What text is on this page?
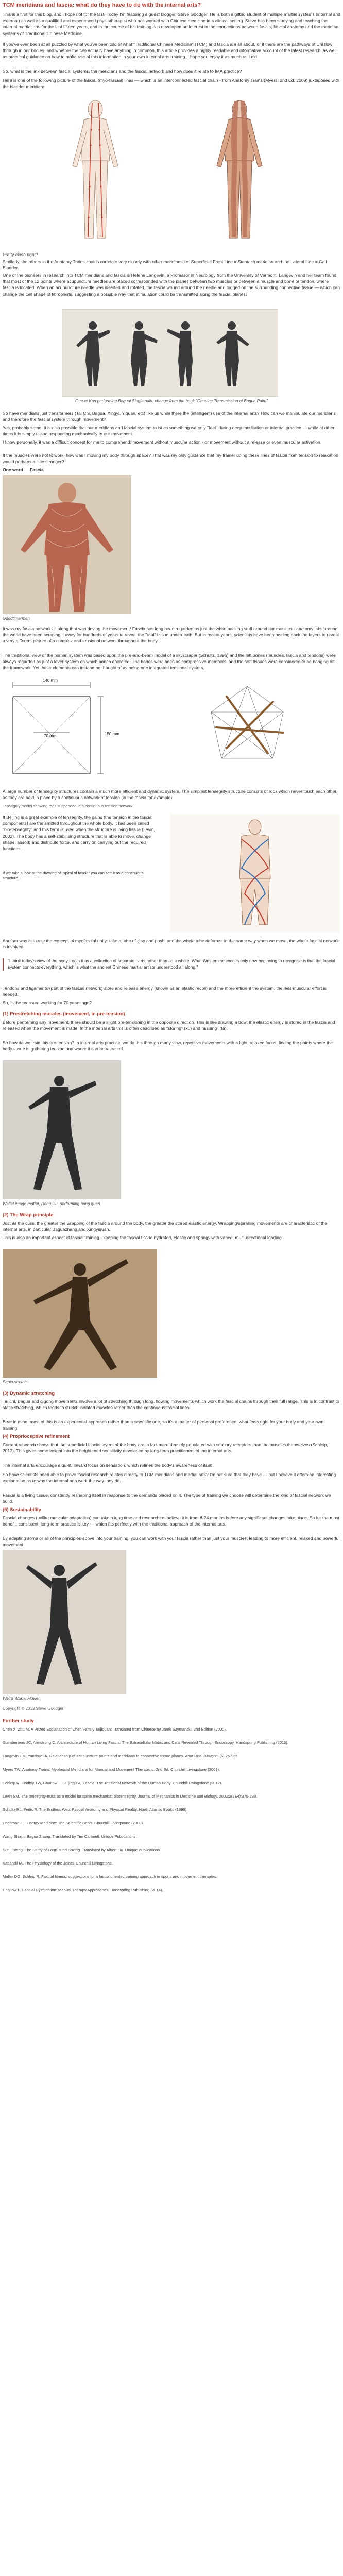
TCM meridians and fascia: what do they have to do with the internal arts?
This is a first for this blog, and I hope not for the last: Today I'm featuring a guest blogger, Steve Goodger. He is both a gifted student of multiple martial systems (internal and external) as well as a qualified and experienced physiotherapist who has worked with Chinese medicine in a clinical setting. Steve has been studying and teaching the internal martial arts for the last fifteen years, and in the course of his training has developed an interest in the connections between fascia, fascial anatomy and the meridian systems of Traditional Chinese Medicine.
If you've ever been at all puzzled by what you've been told of what "Traditional Chinese Medicine" (TCM) and fascia are all about, or if there are the pathways of Chi flow through in our bodies, and whether the two actually have anything in common, this article provides a highly readable and informative account of the latest research, as well as practical guidance on how to make use of this information in your own internal arts training. I hope you enjoy it as much as I did.
So, what is the link between fascial systems, the meridians and the fascial network and how does it relate to IMA practice?
Here is one of the following picture of the fascial (myo-fascial) lines — which is an interconnected fascial chain - from Anatomy Trains (Myers, 2nd Ed. 2009) juxtaposed with the bladder meridian:
Pretty close right?
Similarly, the others in the Anatomy Trains chains correlate very closely with other meridians i.e. Superficial Front Line = Stomach meridian and the Lateral Line = Gall Bladder.
One of the pioneers in research into TCM meridians and fascia is Helene Langevin, a Professor in Neurology from the University of Vermont. Langevin and her team found that most of the 12 points where acupuncture needles are placed corresponded with the planes between two muscles or between a muscle and bone or tendon, where fascia is located. When an acupuncture needle was inserted and rotated, the fascia wound around the needle and tugged on the surrounding connective tissue — which can change the cell shape of fibroblasts, suggesting a possible way that stimulation could be transmitted along the fascial planes.
Gua et Kan performing Baguai Single palm change from the book "Genuine Transmission of Bagua Palm"
So have meridians just transformers (Tai Chi, Bagua, Xingyi, Yiquan, etc) like us while there the (intelligent) use of the internal arts? How can we manipulate our meridians and therefore the fascial system through movement?
Yes, probably some. It is also possible that our meridians and fascial system exist as something we only "feel" during deep meditation or internal practice — while at other times it is simply tissue responding mechanically to our movement.
I know personally, it was a difficult concept for me to comprehend; movement without muscular action - or movement without a release or even muscular activation.
If the muscles were not to work, how was I moving my body through space? That was my only guidance that my trainer doing these lines of fascia from tension to relaxation would perhaps a little stronger?
One word — Fascia
Goodtimerman
It was my fascia network all along that was driving the movement! Fascia has long been regarded as just the white packing stuff around our muscles - anatomy labs around the world have been scraping it away for hundreds of years to reveal the "real" tissue underneath. But in recent years, scientists have been peeling back the layers to reveal a very different picture of a complex and tensional network throughout the body.
The traditional view of the human system was based upon the pre-and-beam model of a skyscraper (Schultz, 1996) and the left bones (muscles, fascia and tendons) were always regarded as just a lever system on which bones operated. The bones were seen as compressive members, and the soft tissues were considered to be hanging off the framework. Yet these elements can instead be thought of as being one integrated tensional system.
140 mm
150 mm
70 mm
A large number of tensegrity structures contain a much more efficient and dynamic system. The simplest tensegrity structure consists of rods which never touch each other, as they are held in place by a continuous network of tension (in the fascia for example).
Tensegrity model showing rods suspended in a continuous tension network
If Beijing is a great example of tensegrity, the gains (the tension in the fascial components) are transmitted throughout the whole body. It has been called "bio-tensegrity" and this term is used when the structure is living tissue (Levin, 2002). The body has a self-stabilising structure that is able to move, change shape, absorb and distribute force, and carry on carrying out the required functions.
If we take a look at the drawing of "spiral of fascia" you can see it as a continuous structure...
Another way is to use the concept of myofascial unity: take a tube of clay and push, and the whole tube deforms; in the same way when we move, the whole fascial network is involved.
"I think today's view of the body treats it as a collection of separate parts rather than as a whole. What Western science is only now beginning to recognise is that the fascial system connects everything, which is what the ancient Chinese martial artists understood all along."
Tendons and ligaments (part of the fascial network) store and release energy (known as an elastic recoil) and the more efficient the system, the less muscular effort is needed.
So, is the pressure working for 70 years ago?
(1) Prestretching muscles (movement, in pre-tension)
Before performing any movement, there should be a slight pre-tensioning in the opposite direction. This is like drawing a bow: the elastic energy is stored in the fascia and released when the movement is made. In the internal arts this is often described as "storing" (xu) and "issuing" (fa).
So how do we train this pre-tension? In internal arts practice, we do this through many slow, repetitive movements with a light, relaxed focus, finding the points where the body tissue is gathering tension and where it can be released.
Wallet image matter, Dong Jiu, performing bang quan
(2) The Wrap principle
Just as the cuss, the greater the wrapping of the fascia around the body, the greater the stored elastic energy. Wrapping/spiralling movements are characteristic of the internal arts, in particular Baguazhang and Xingyiquan.
This is also an important aspect of fascial training - keeping the fascial tissue hydrated, elastic and springy with varied, multi-directional loading.
Sepia stretch
(3) Dynamic stretching
Tai chi, Bagua and qigong movements involve a lot of stretching through long, flowing movements which work the fascial chains through their full range. This is in contrast to static stretching, which tends to stretch isolated muscles rather than the continuous fascial lines.
Bear in mind, most of this is an experiential approach rather than a scientific one, so it's a matter of personal preference, what feels right for your body and your own training.
(4) Proprioceptive refinement
Current research shows that the superficial fascial layers of the body are in fact more densely populated with sensory receptors than the muscles themselves (Schleip, 2012). This gives some insight into the heightened sensitivity developed by long-term practitioners of the internal arts.
The internal arts encourage a quiet, inward focus on sensation, which refines the body's awareness of itself.
So have scientists been able to prove fascial research relates directly to TCM meridians and martial arts? I'm not sure that they have — but I believe it offers an interesting explanation as to why the internal arts work the way they do.
Fascia is a living tissue, constantly reshaping itself in response to the demands placed on it. The type of training we choose will determine the kind of fascial network we build.
(5) Sustainability
Fascial changes (unlike muscular adaptation) can take a long time and researchers believe it is from 6-24 months before any significant changes take place. So for the most benefit, consistent, long-term practice is key — which fits perfectly with the traditional approach of the internal arts.
By adapting some or all of the principles above into your training, you can work with your fascia rather than just your muscles, leading to more efficient, relaxed and powerful movement.
Weird Willow Flower
Copyright © 2013 Steve Goodger
Further study
Chen X, Zhu M. A Prized Explanation of Chen Family Taijiquan: Translated from Chinese by Jarek Szymanski. 2nd Edition (2000).
Guimberteau JC, Armstrong C. Architecture of Human Living Fascia: The Extracellular Matrix and Cells Revealed Through Endoscopy. Handspring Publishing (2015).
Langevin HM, Yandow JA. Relationship of acupuncture points and meridians to connective tissue planes. Anat Rec. 2002;269(6):257-65.
Myers TW. Anatomy Trains: Myofascial Meridians for Manual and Movement Therapists. 2nd Ed. Churchill Livingstone (2009).
Schleip R, Findley TW, Chaitow L, Huijing PA. Fascia: The Tensional Network of the Human Body. Churchill Livingstone (2012).
Levin SM. The tensegrity-truss as a model for spine mechanics: biotensegrity. Journal of Mechanics in Medicine and Biology. 2002;2(3&4):375-388.
Schultz RL, Feitis R. The Endless Web: Fascial Anatomy and Physical Reality. North Atlantic Books (1996).
Oschman JL. Energy Medicine: The Scientific Basis. Churchill Livingstone (2000).
Wang Shujin. Bagua Zhang. Translated by Tim Cartmell. Unique Publications.
Sun Lutang. The Study of Form-Mind Boxing. Translated by Albert Liu. Unique Publications.
Kapandji IA. The Physiology of the Joints. Churchill Livingstone.
Muller DG, Schleip R. Fascial fitness: suggestions for a fascia oriented training approach in sports and movement therapies.
Chaitow L. Fascial Dysfunction: Manual Therapy Approaches. Handspring Publishing (2014).
